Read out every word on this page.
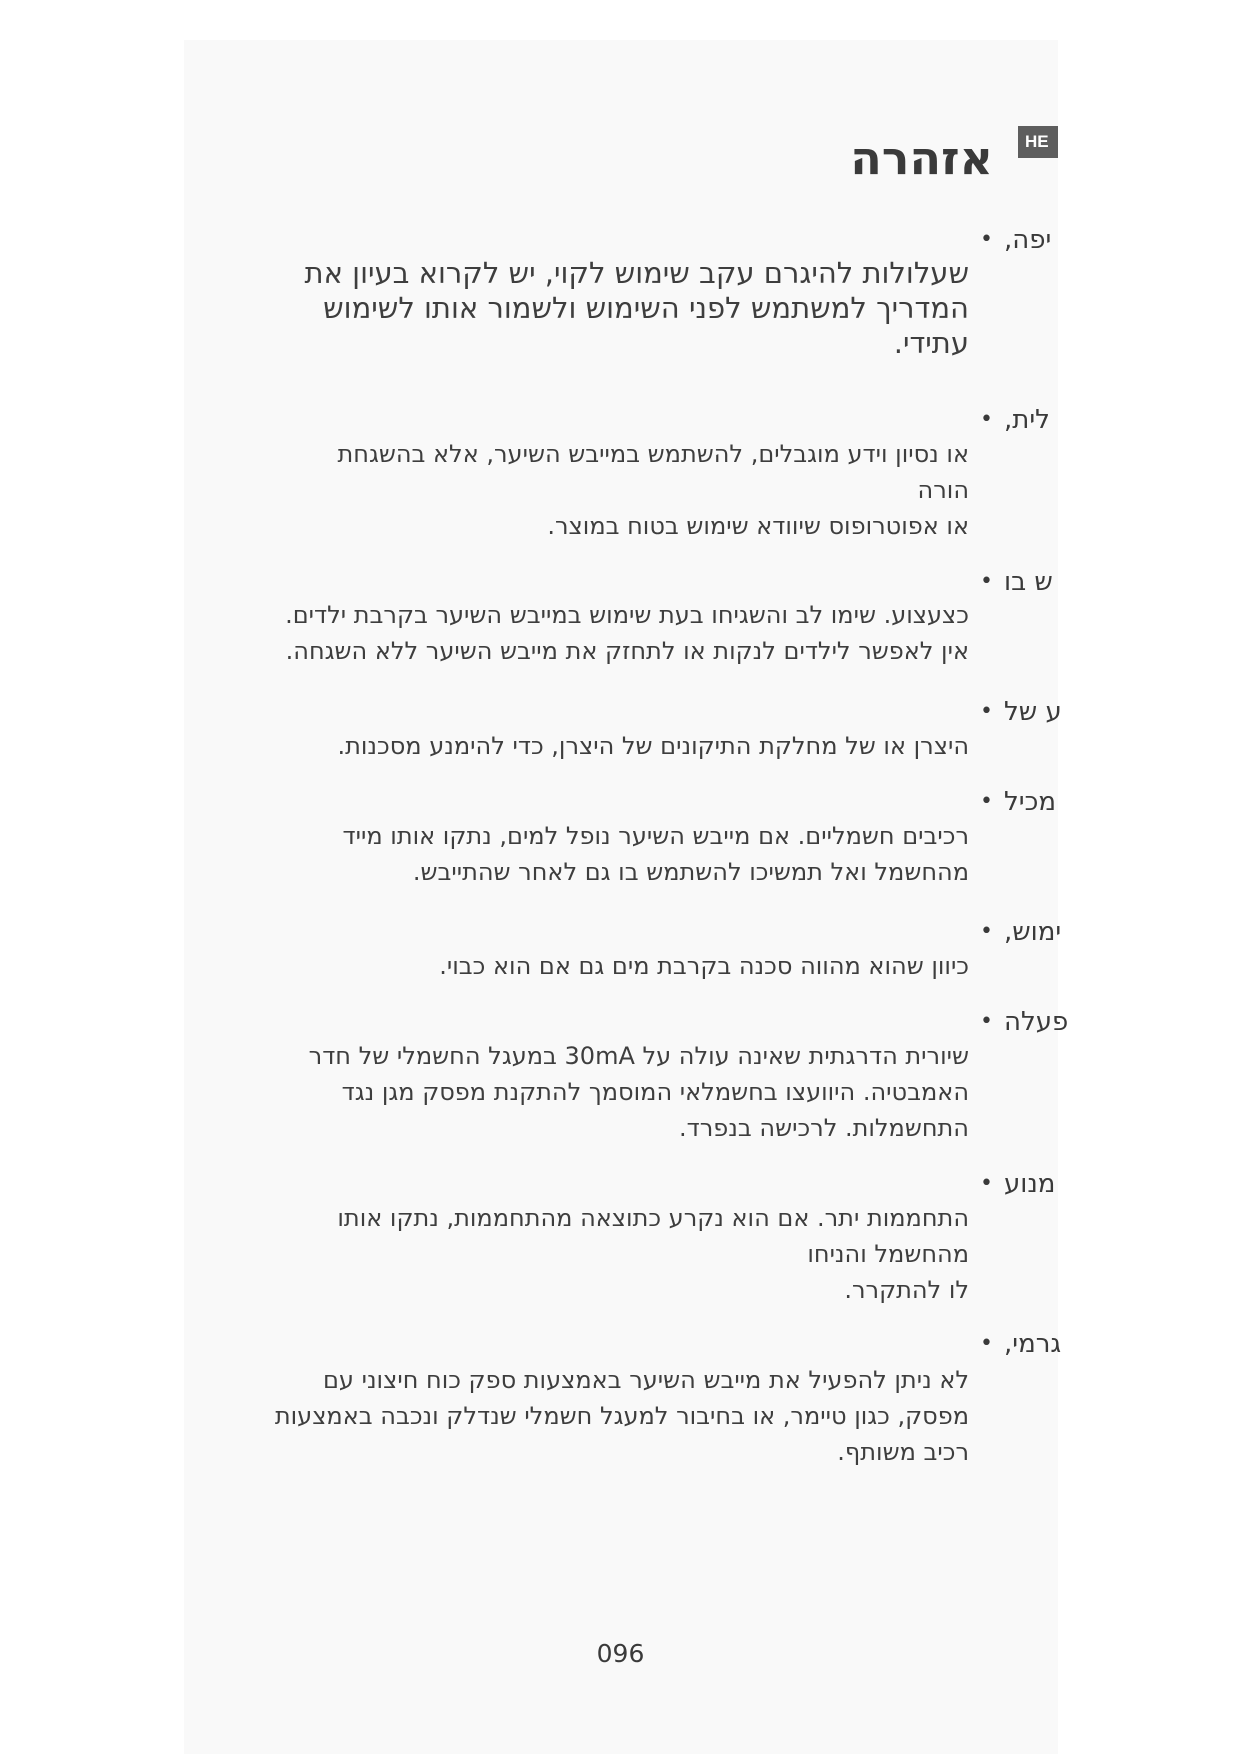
HE
אזהרה
• יפה,
שעלולות להיגרם עקב שימוש לקוי, יש לקרוא בעיון את
המדריך למשתמש לפני השימוש ולשמור אותו לשימוש
עתידי.
• לית,
או נסיון וידע מוגבלים, להשתמש במייבש השיער, אלא בהשגחת
הורה
או אפוטרופוס שיוודא שימוש בטוח במוצר.
• ש בו
כצעצוע. שימו לב והשגיחו בעת שימוש במייבש השיער בקרבת ילדים.
אין לאפשר לילדים לנקות או לתחזק את מייבש השיער ללא השגחה.
• ע של
היצרן או של מחלקת התיקונים של היצרן, כדי להימנע מסכנות.
• מכיל
רכיבים חשמליים. אם מייבש השיער נופל למים, נתקו אותו מייד
מהחשמל ואל תמשיכו להשתמש בו גם לאחר שהתייבש.
• ימוש,
כיוון שהוא מהווה סכנה בקרבת מים גם אם הוא כבוי.
• פעלה
שיורית הדרגתית שאינה עולה על 30mA במעגל החשמלי של חדר
האמבטיה. היוועצו בחשמלאי המוסמך להתקנת מפסק מגן נגד
התחשמלות. לרכישה בנפרד.
• מנוע
התחממות יתר. אם הוא נקרע כתוצאה מהתחממות, נתקו אותו
מהחשמל והניחו
לו להתקרר.
• גרמי,
לא ניתן להפעיל את מייבש השיער באמצעות ספק כוח חיצוני עם
מפסק, כגון טיימר, או בחיבור למעגל חשמלי שנדלק ונכבה באמצעות
רכיב משותף.
096
